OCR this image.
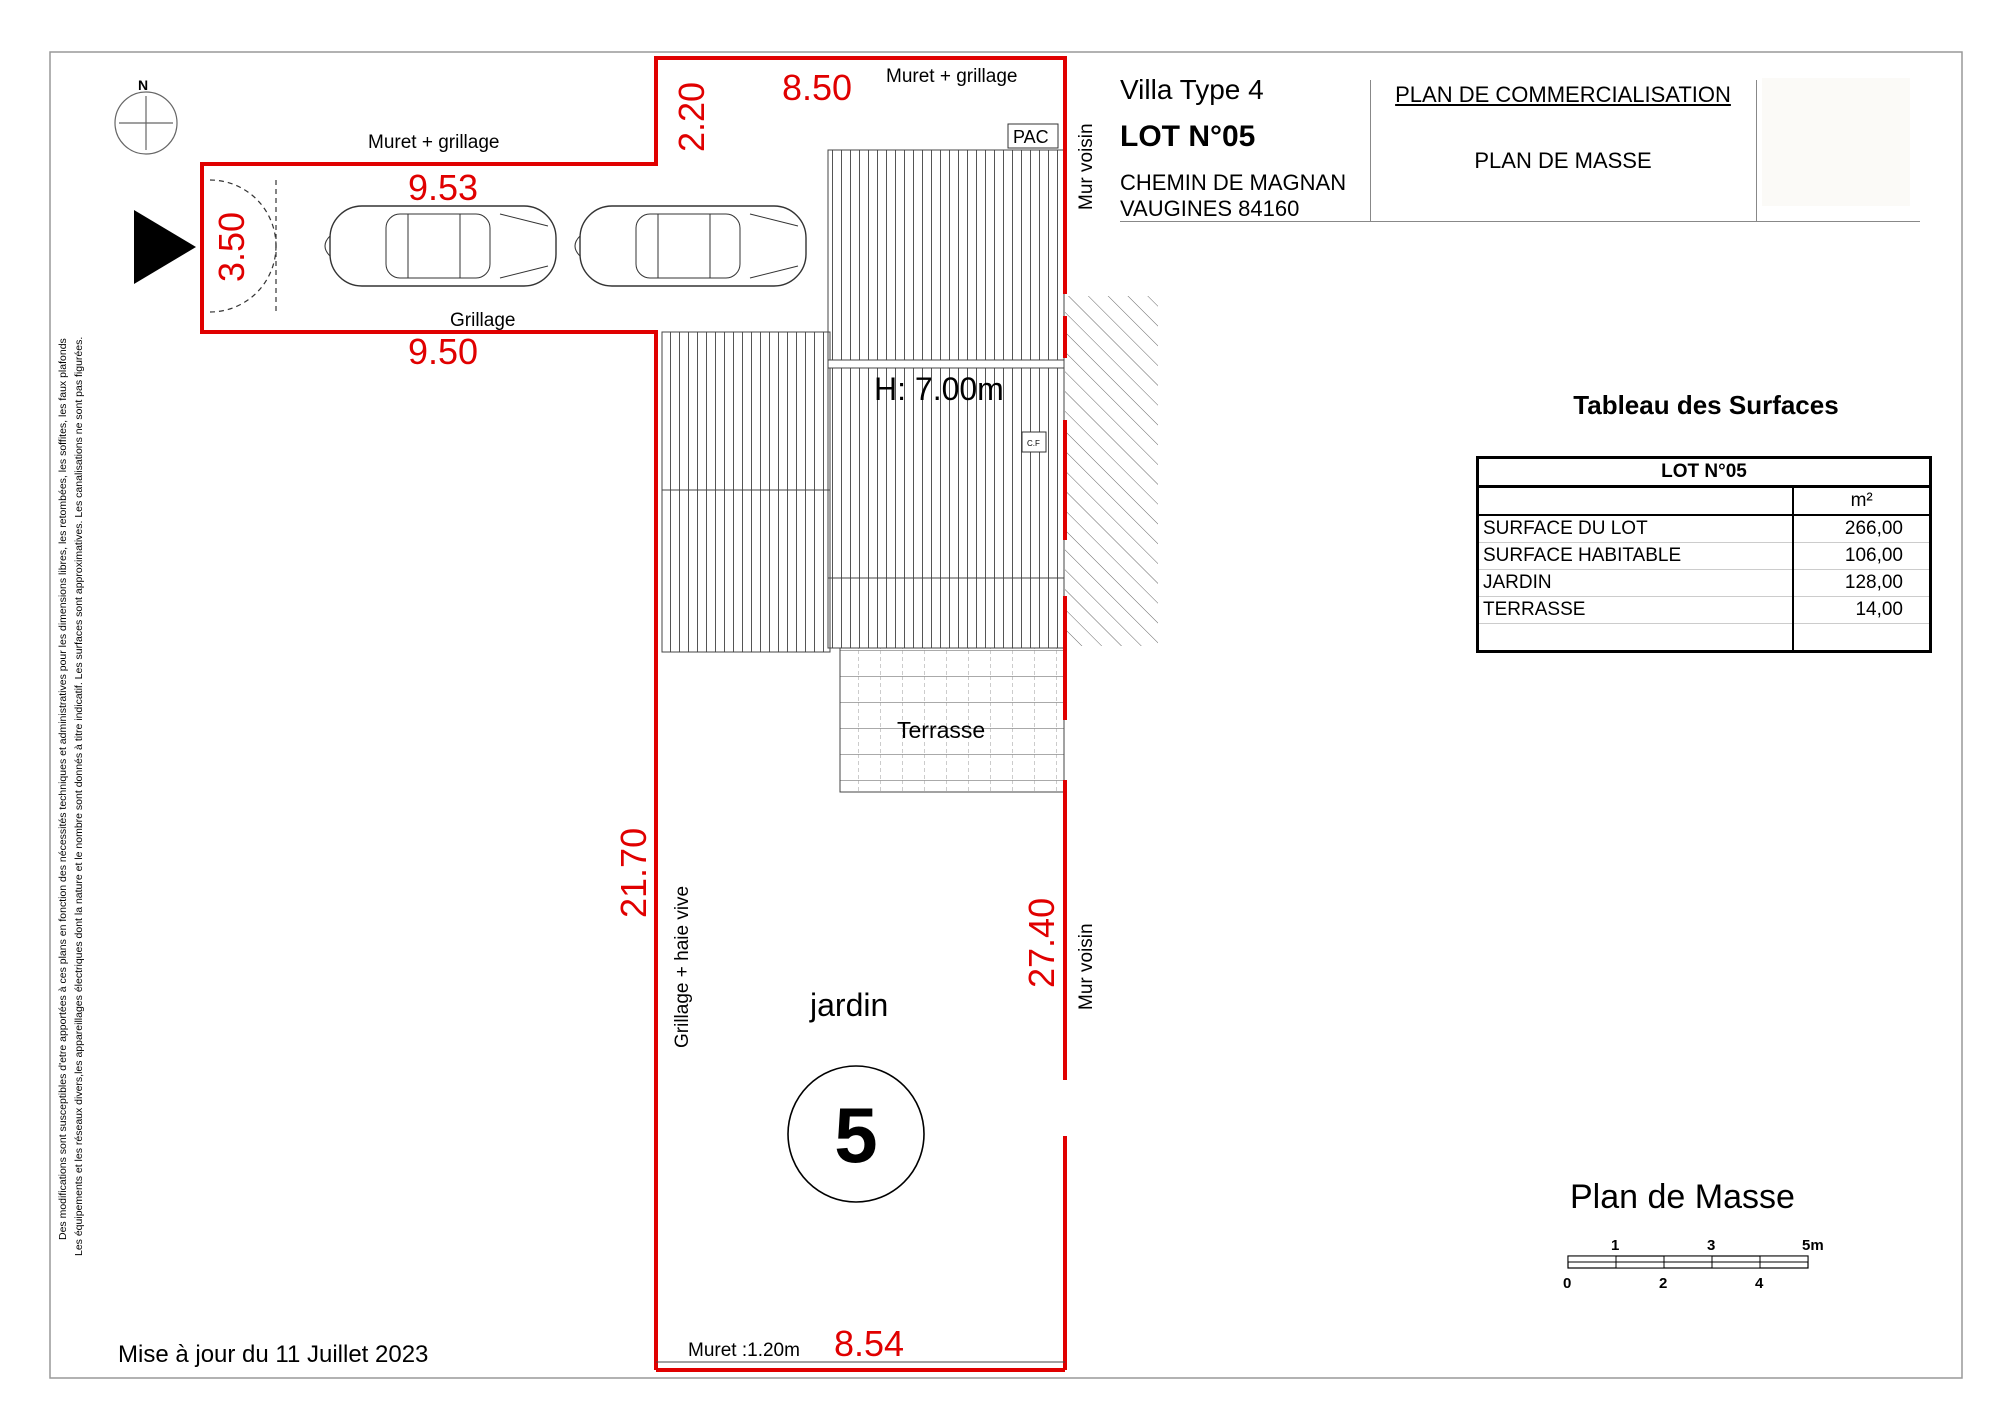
Des modifications sont susceptibles d'etre apportées à ces plans en fonction des nécessités techniques et administratives pour les dimensions libres, les retombées, les soffites, les faux plafonds Les équipements et les réseaux divers,les appareillages électriques dont la nature et le nombre sont donnés à titre indicatif. Les surfaces sont approximatives. Les canalisations ne sont pas figurées.
N	8.50
2.20
9.53
3.50
9.50
21.70
27.40
8.54
Muret + grillage
Muret + grillage
Grillage
PAC Mur voisin
H: 7.00m
C.F
Terrasse
Grillage + haie vive	jardin	Mur voisin
Muret :1.20m
5
Mise à jour du 11 Juillet 2023
Plan de Masse
1	3	5m
0	2	4
Villa Type 4
LOT N°05
CHEMIN DE MAGNAN
VAUGINES 84160
PLAN DE COMMERCIALISATION
PLAN DE MASSE
Tableau des Surfaces
LOT N°05	
	m²
SURFACE DU LOT	266,00
SURFACE HABITABLE	106,00
JARDIN	128,00
TERRASSE	14,00
